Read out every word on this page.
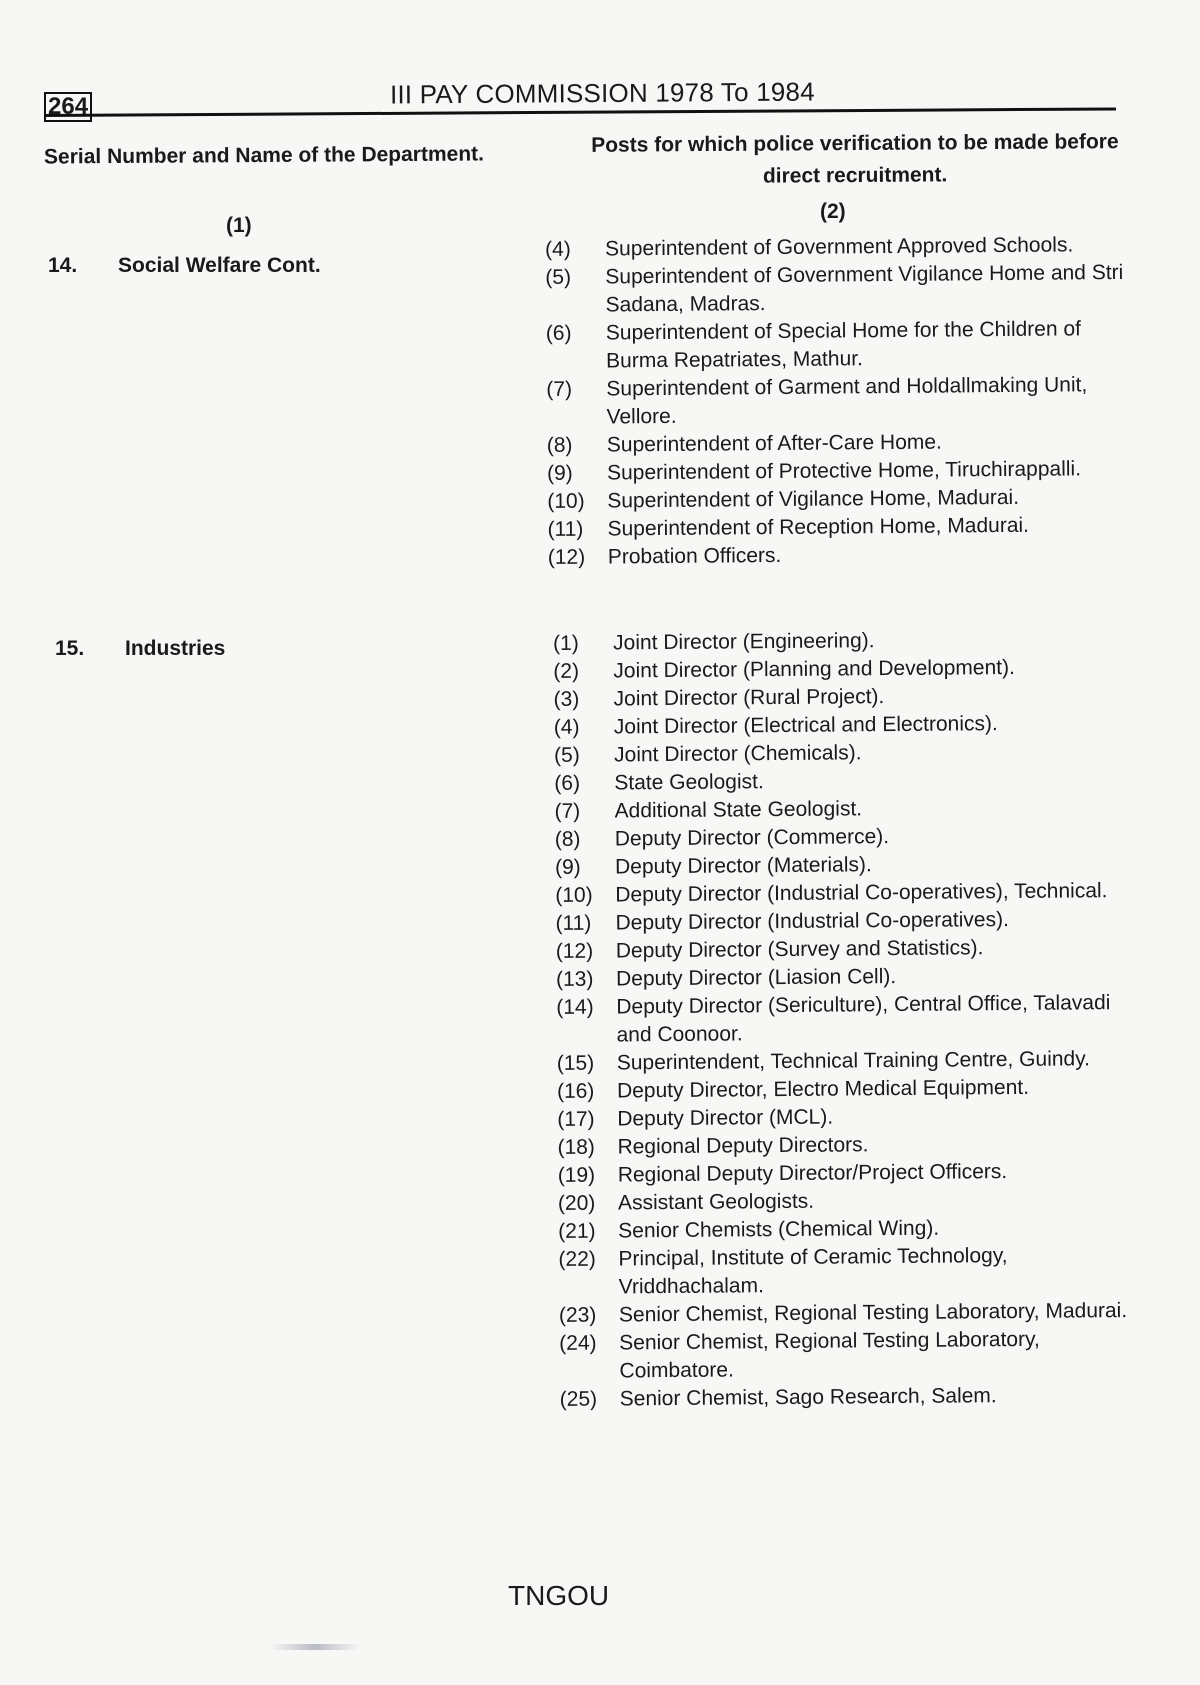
264	III PAY COMMISSION 1978 To 1984
Serial Number and Name of the Department.	Posts for which police verification to be made before direct recruitment.
(1)
(2)
14. Social Welfare Cont.
(4)	Superintendent of Government Approved Schools.
(5)	Superintendent of Government Vigilance Home and Stri Sadana, Madras.
(6)	Superintendent of Special Home for the Children of Burma Repatriates, Mathur.
(7)	Superintendent of Garment and Holdallmaking Unit, Vellore.
(8)	Superintendent of After-Care Home.
(9)	Superintendent of Protective Home, Tiruchirappalli.
(10)	Superintendent of Vigilance Home, Madurai.
(11)	Superintendent of Reception Home, Madurai.
(12)	Probation Officers.
15. Industries	(1)	Joint Director (Engineering).
(2)	Joint Director (Planning and Development).
(3)	Joint Director (Rural Project).
(4)	Joint Director (Electrical and Electronics).
(5)	Joint Director (Chemicals).
(6)	State Geologist.
(7)	Additional State Geologist.
(8)	Deputy Director (Commerce).
(9)	Deputy Director (Materials).
(10)	Deputy Director (Industrial Co-operatives), Technical.
(11)	Deputy Director (Industrial Co-operatives).
(12)	Deputy Director (Survey and Statistics).
(13)	Deputy Director (Liasion Cell).
(14)	Deputy Director (Sericulture), Central Office, Talavadi and Coonoor.
(15)	Superintendent, Technical Training Centre, Guindy.
(16)	Deputy Director, Electro Medical Equipment.
(17)	Deputy Director (MCL).
(18)	Regional Deputy Directors.
(19)	Regional Deputy Director/Project Officers.
(20)	Assistant Geologists.
(21)	Senior Chemists (Chemical Wing).
(22)	Principal, Institute of Ceramic Technology, Vriddhachalam.
(23)	Senior Chemist, Regional Testing Laboratory, Madurai.
(24)	Senior Chemist, Regional Testing Laboratory, Coimbatore.
(25)	Senior Chemist, Sago Research, Salem.
TNGOU
